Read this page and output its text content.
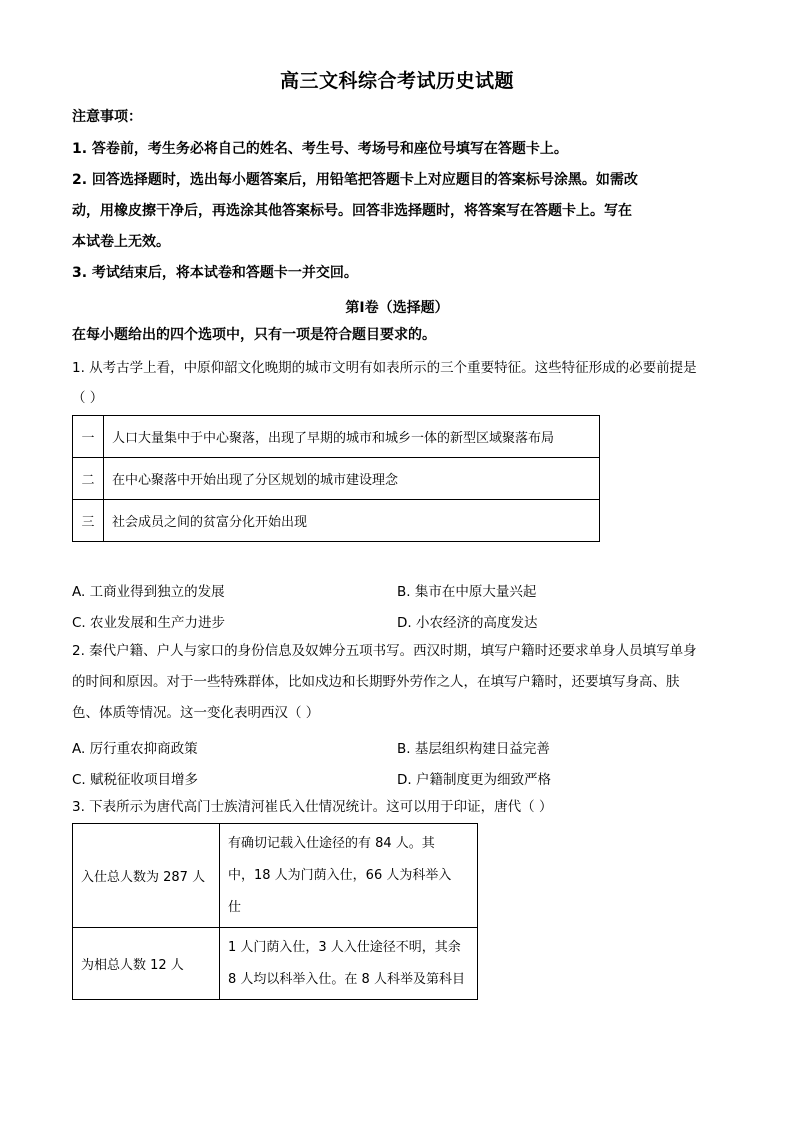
高三文科综合考试历史试题
注意事项：
1. 答卷前，考生务必将自己的姓名、考生号、考场号和座位号填写在答题卡上。
2. 回答选择题时，选出每小题答案后，用铅笔把答题卡上对应题目的答案标号涂黑。如需改
动，用橡皮擦干净后，再选涂其他答案标号。回答非选择题时，将答案写在答题卡上。写在
本试卷上无效。
3. 考试结束后，将本试卷和答题卡一并交回。
第Ⅰ卷（选择题）
在每小题给出的四个选项中，只有一项是符合题目要求的。
1. 从考古学上看，中原仰韶文化晚期的城市文明有如表所示的三个重要特征。这些特征形成的必要前提是
（ ）
一	人口大量集中于中心聚落，出现了早期的城市和城乡一体的新型区域聚落布局
二	在中心聚落中开始出现了分区规划的城市建设理念
三	社会成员之间的贫富分化开始出现
A. 工商业得到独立的发展	B. 集市在中原大量兴起
C. 农业发展和生产力进步	D. 小农经济的高度发达
2. 秦代户籍、户人与家口的身份信息及奴婢分五项书写。西汉时期，填写户籍时还要求单身人员填写单身
的时间和原因。对于一些特殊群体，比如戍边和长期野外劳作之人，在填写户籍时，还要填写身高、肤
色、体质等情况。这一变化表明西汉（ ）
A. 厉行重农抑商政策	B. 基层组织构建日益完善
C. 赋税征收项目增多	D. 户籍制度更为细致严格
3. 下表所示为唐代高门士族清河崔氏入仕情况统计。这可以用于印证，唐代（ ）
入仕总人数为 287 人	有确切记载入仕途径的有 84 人。其
中，18 人为门荫入仕，66 人为科举入
仕

为相总人数 12 人	1 人门荫入仕，3 人入仕途径不明，其余
8 人均以科举入仕。在 8 人科举及第科目
